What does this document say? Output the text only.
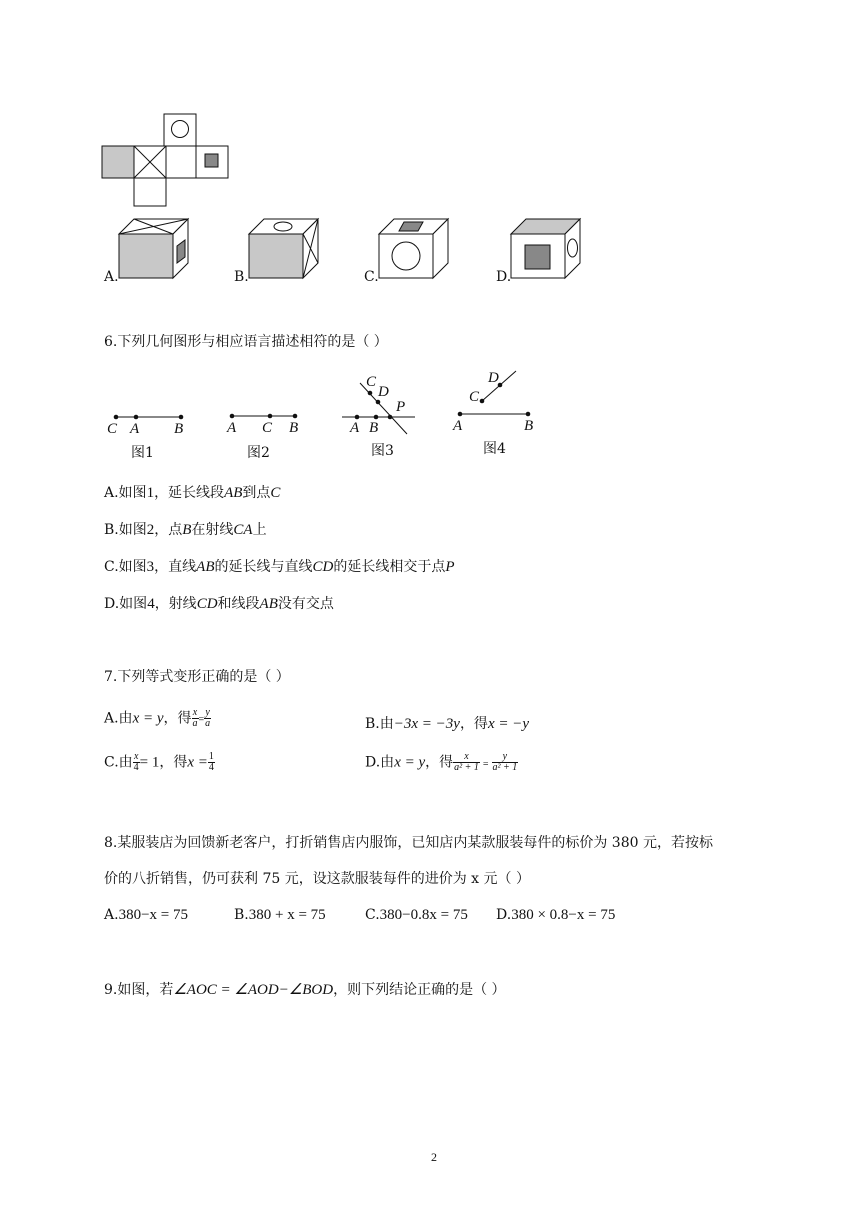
A.	B.	C.	D.
6.下列几何图形与相应语言描述相符的是（ ）
C A B
图1
A C B
图2
C
D
P
A B
图3
D
C
A	B
图4
A.如图1，延长线段AB到点C
B.如图2，点B在射线CA上
C.如图3，直线AB的延长线与直线CD的延长线相交于点P
D.如图4，射线CD和线段AB没有交点
7.下列等式变形正确的是（ ）
A.由x = y，得 $\frac{x}{a} = \frac{y}{a}$	B.由−3x = −3y，得x = −y
C.由 $\frac{x}{4} = 1$，得$x = \frac{1}{4}$	D.由x = y，得 $\frac{x}{\text{a² + 1}} = \frac{y}{\text{a² + 1}}$
8.某服装店为回馈新老客户，打折销售店内服饰，已知店内某款服装每件的标价为 380 元，若按标
价的八折销售，仍可获利 75 元，设这款服装每件的进价为 x 元（ ）
A.380−x = 75	B.380 + x = 75	C.380−0.8x = 75 D.380 × 0.8−x = 75
9.如图，若∠AOC = ∠AOD−∠BOD，则下列结论正确的是（ ）
2
